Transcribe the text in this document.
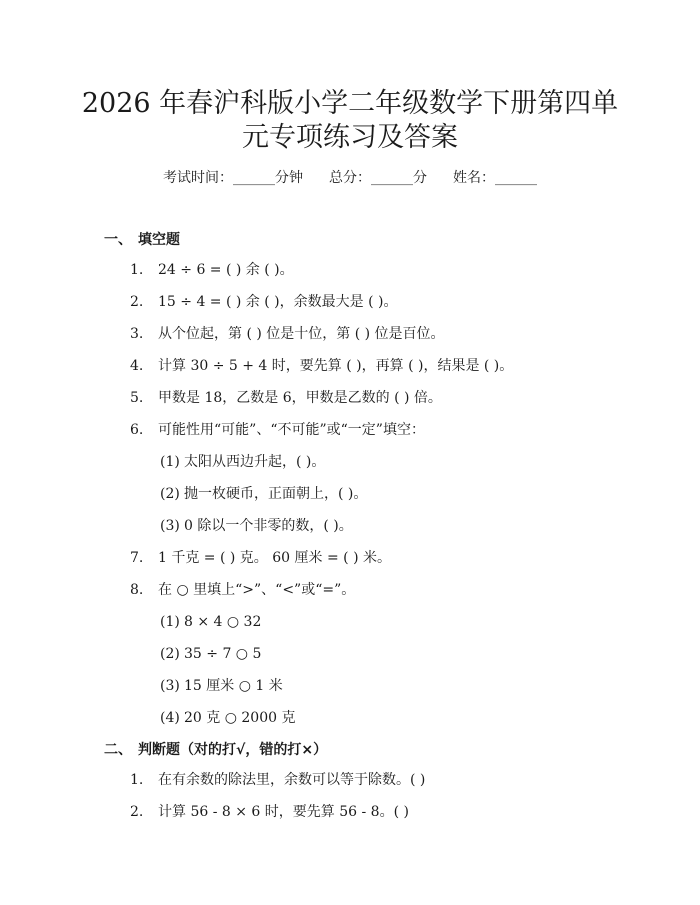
2026 年春沪科版小学二年级数学下册第四单
元专项练习及答案
考试时间：______分钟 总分：______分 姓名：______
一、 填空题
1. 24 ÷ 6 = ( ) 余 ( )。
2. 15 ÷ 4 = ( ) 余 ( )，余数最大是 ( )。
3. 从个位起，第 ( ) 位是十位，第 ( ) 位是百位。
4. 计算 30 ÷ 5 + 4 时，要先算 ( )，再算 ( )，结果是 ( )。
5. 甲数是 18，乙数是 6，甲数是乙数的 ( ) 倍。
6. 可能性用“可能”、“不可能”或“一定”填空：
(1) 太阳从西边升起，( )。
(2) 抛一枚硬币，正面朝上，( )。
(3) 0 除以一个非零的数，( )。
7. 1 千克 = ( ) 克。 60 厘米 = ( ) 米。
8. 在 ○ 里填上“>”、“<”或“=”。
(1) 8 × 4 ○ 32
(2) 35 ÷ 7 ○ 5
(3) 15 厘米 ○ 1 米
(4) 20 克 ○ 2000 克
二、 判断题（对的打√，错的打×）
1. 在有余数的除法里，余数可以等于除数。( )
2. 计算 56 - 8 × 6 时，要先算 56 - 8。( )
